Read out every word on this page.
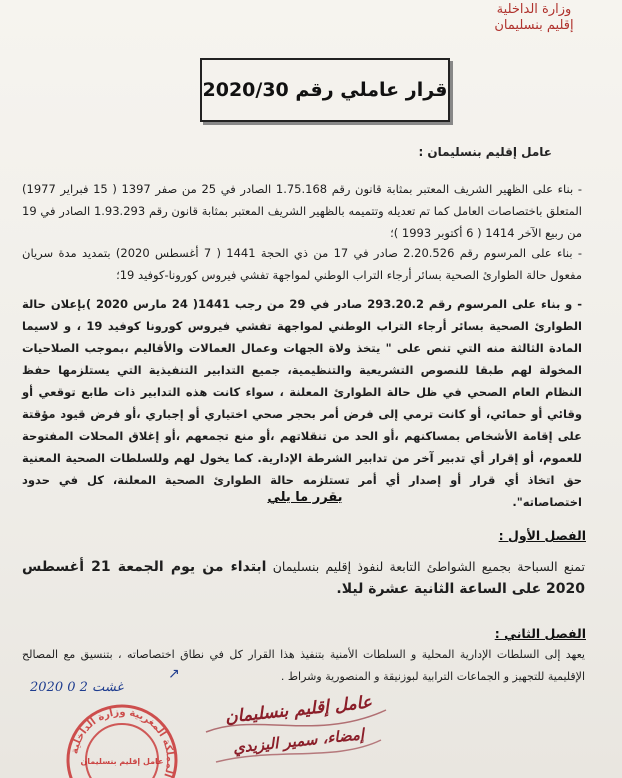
وزارة الداخلية
إقليم بنسليمان
قرار عاملي رقم 2020/30
عامل إقليم بنسليمان :
- بناء على الظهير الشريف المعتبر بمثابة قانون رقم 1.75.168 الصادر في 25 من صفر 1397 ( 15 فبراير 1977) المتعلق باختصاصات العامل كما تم تعديله وتتميمه بالظهير الشريف المعتبر بمثابة قانون رقم 1.93.293 الصادر في 19 من ربيع الآخر 1414 ( 6 أكتوبر 1993 )؛
- بناء على المرسوم رقم 2.20.526 صادر في 17 من ذي الحجة 1441 ( 7 أغسطس 2020) بتمديد مدة سريان مفعول حالة الطوارئ الصحية بسائر أرجاء التراب الوطني لمواجهة تفشي فيروس كورونا-كوفيد 19؛
- و بناء على المرسوم رقم 293.20.2 صادر في 29 من رجب 1441( 24 مارس 2020 )بإعلان حالة الطوارئ الصحية بسائر أرجاء التراب الوطني لمواجهة تفشي فيروس كورونا كوفيد 19 ، و لاسيما المادة الثالثة منه التي تنص على " يتخذ ولاة الجهات وعمال العمالات والأقاليم ،بموجب الصلاحيات المخولة لهم طبقا للنصوص التشريعية والتنظيمية، جميع التدابير التنفيذية التي يستلزمها حفظ النظام العام الصحي في ظل حالة الطوارئ المعلنة ، سواء كانت هذه التدابير ذات طابع توقعي أو وقائي أو حمائي، أو كانت ترمي إلى فرض أمر بحجر صحي اختياري أو إجباري ،أو فرض قيود مؤقتة على إقامة الأشخاص بمساكنهم ،أو الحد من تنقلاتهم ،أو منع تجمعهم ،أو إغلاق المحلات المفتوحة للعموم، أو إقرار أي تدبير آخر من تدابير الشرطة الإدارية. كما يخول لهم وللسلطات الصحية المعنية حق اتخاذ أي قرار أو إصدار أي أمر تستلزمه حالة الطوارئ الصحية المعلنة، كل في حدود اختصاصاته".
يقرر ما يلي
الفصل الأول :
تمنع السباحة بجميع الشواطئ التابعة لنفوذ إقليم بنسليمان ابتداء من يوم الجمعة 21 أغسطس 2020 على الساعة الثانية عشرة ليلا.
الفصل الثاني :
يعهد إلى السلطات الإدارية المحلية و السلطات الأمنية بتنفيذ هذا القرار كل في نطاق اختصاصاته ، بتنسيق مع المصالح الإقليمية للتجهيز و الجماعات الترابية لبوزنيقة و المنصورية وشراط .
2020 غشت 2 0
↗
المملكة المغربية وزارة الداخلية
عامل إقليم بنسليمان
عامل إقليم بنسليمان
إمضاء، سمير اليزيدي
